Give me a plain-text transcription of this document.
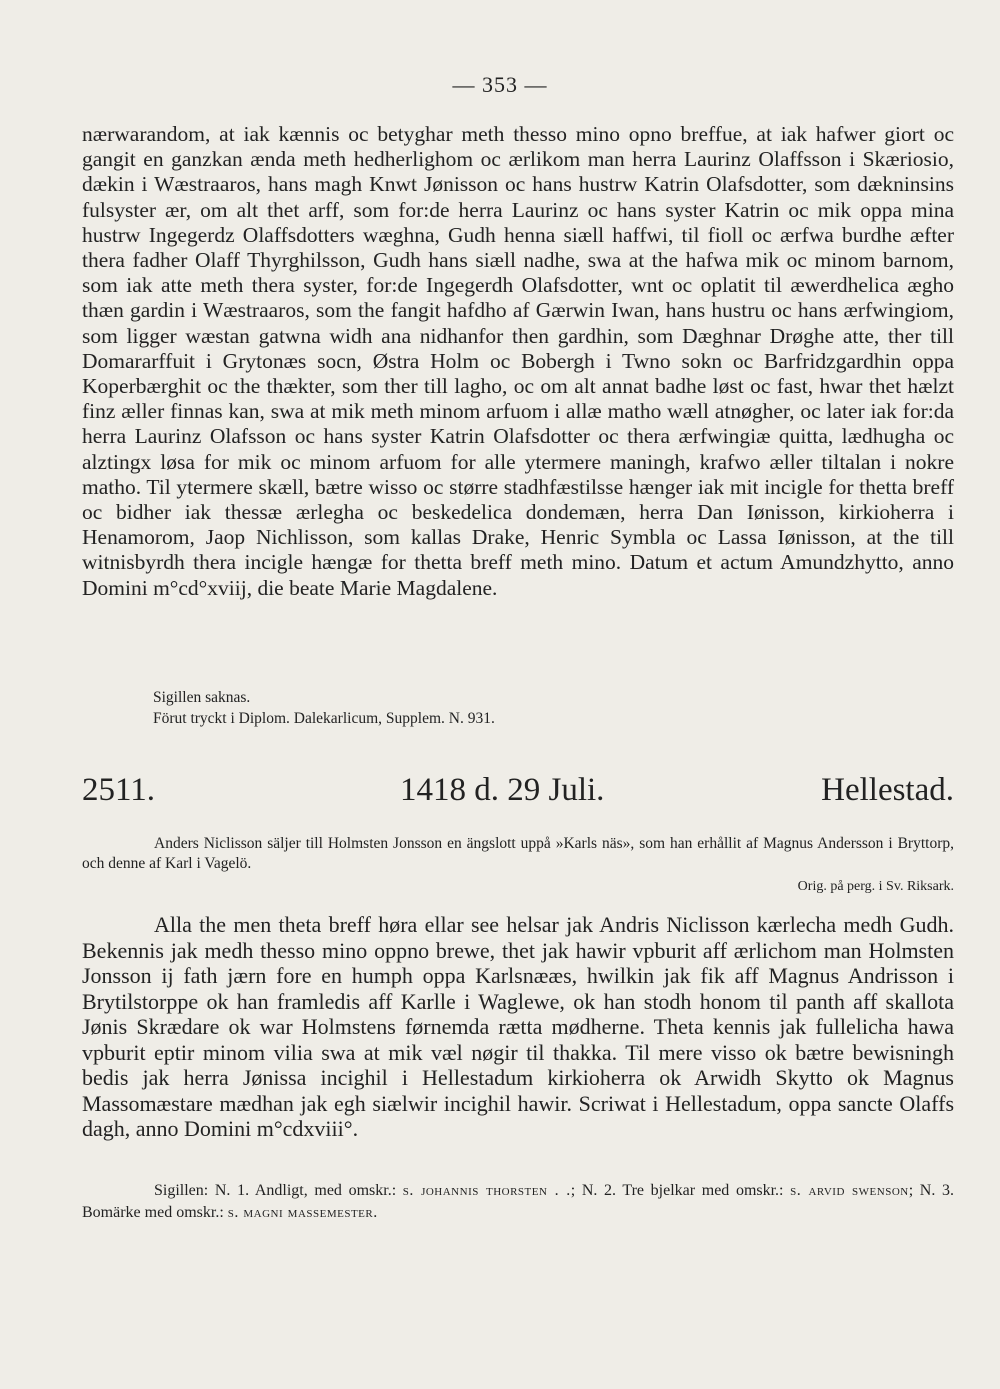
— 353 —

nærwarandom, at iak kænnis oc betyghar meth thesso mino opno breffue, at iak hafwer giort oc gangit en ganzkan ænda meth hedherlighom oc ærlikom man herra Laurinz Olaffsson i Skæriosio, dækin i Wæstraaros, hans magh Knwt Jønisson oc hans hustrw Katrin Olafsdotter, som dækninsins fulsyster ær, om alt thet arff, som for:de herra Laurinz oc hans syster Katrin oc mik oppa mina hustrw Ingegerdz Olaffsdotters wæghna, Gudh henna siæll haffwi, til fioll oc ærfwa burdhe æfter thera fadher Olaff Thyrghilsson, Gudh hans siæll nadhe, swa at the hafwa mik oc minom barnom, som iak atte meth thera syster, for:de Ingegerdh Olafsdotter, wnt oc oplatit til æwerdhelica ægho thæn gardin i Wæstraaros, som the fangit hafdho af Gærwin Iwan, hans hustru oc hans ærfwingiom, som ligger wæstan gatwna widh ana nidhanfor then gardhin, som Dæghnar Drøghe atte, ther till Domararffuit i Grytonæs socn, Østra Holm oc Bobergh i Twno sokn oc Barfridzgardhin oppa Koperbærghit oc the thækter, som ther till lagho, oc om alt annat badhe løst oc fast, hwar thet hælzt finz æller finnas kan, swa at mik meth minom arfuom i allæ matho wæll atnøgher, oc later iak for:da herra Laurinz Olafsson oc hans syster Katrin Olafsdotter oc thera ærfwingiæ quitta, lædhugha oc alztingx løsa for mik oc minom arfuom for alle ytermere maningh, krafwo æller tiltalan i nokre matho. Til ytermere skæll, bætre wisso oc større stadhfæstilsse hænger iak mit incigle for thetta breff oc bidher iak thessæ ærlegha oc beskedelica dondemæn, herra Dan Iønisson, kirkioherra i Henamorom, Jaop Nichlisson, som kallas Drake, Henric Symbla oc Lassa Iønisson, at the till witnisbyrdh thera incigle hængæ for thetta breff meth mino. Datum et actum Amundzhytto, anno Domini m°cd°xviij, die beate Marie Magdalene.

Sigillen saknas.
Förut tryckt i Diplom. Dalekarlicum, Supplem. N. 931.
2511.	1418 d. 29 Juli.	Hellestad.
Anders Niclisson säljer till Holmsten Jonsson en ängslott uppå »Karls näs», som han erhållit af Magnus Andersson i Bryttorp, och denne af Karl i Vagelö.
Orig. på perg. i Sv. Riksark.

Alla the men theta breff høra ellar see helsar jak Andris Niclisson kærlecha medh Gudh. Bekennis jak medh thesso mino oppno brewe, thet jak hawir vpburit aff ærlichom man Holmsten Jonsson ij fath jærn fore en humph oppa Karlsnææs, hwilkin jak fik aff Magnus Andrisson i Brytilstorppe ok han framledis aff Karlle i Waglewe, ok han stodh honom til panth aff skallota Jønis Skrædare ok war Holmstens førnemda rætta mødherne. Theta kennis jak fullelicha hawa vpburit eptir minom vilia swa at mik væl nøgir til thakka. Til mere visso ok bætre bewisningh bedis jak herra Jønissa incighil i Hellestadum kirkioherra ok Arwidh Skytto ok Magnus Massomæstare mædhan jak egh siælwir incighil hawir. Scriwat i Hellestadum, oppa sancte Olaffs dagh, anno Domini m°cdxviii°.

Sigillen: N. 1. Andligt, med omskr.: s. johannis thorsten . .; N. 2. Tre bjelkar med omskr.: s. arvid swenson; N. 3. Bomärke med omskr.: s. magni massemester.
